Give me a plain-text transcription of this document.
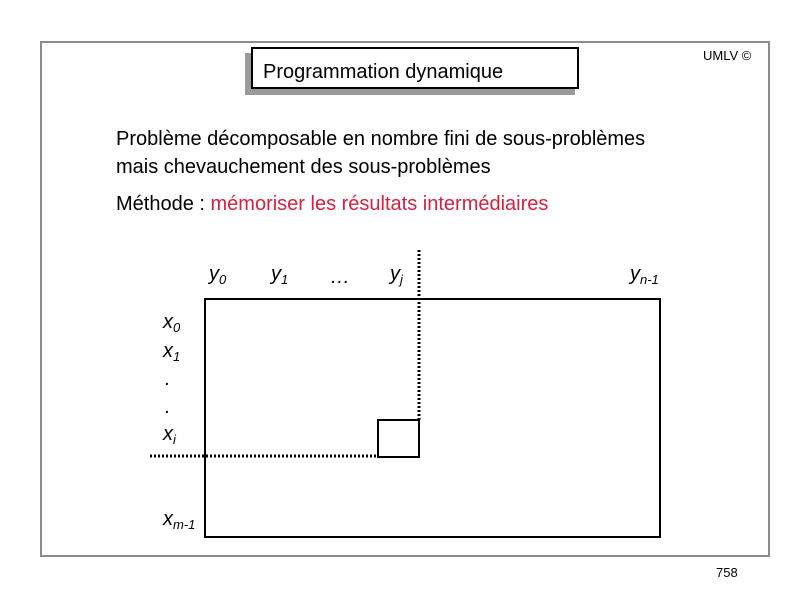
Programmation dynamique
UMLV ©
Problème décomposable en nombre fini de sous-problèmes
mais chevauchement des sous-problèmes
Méthode : mémoriser les résultats intermédiaires
$y_0$ $y_1$ … $y_j$	$y_{n-1}$
$x_0$
$x_1$
.
.
$x_i$
$x_{m-1}$
758
